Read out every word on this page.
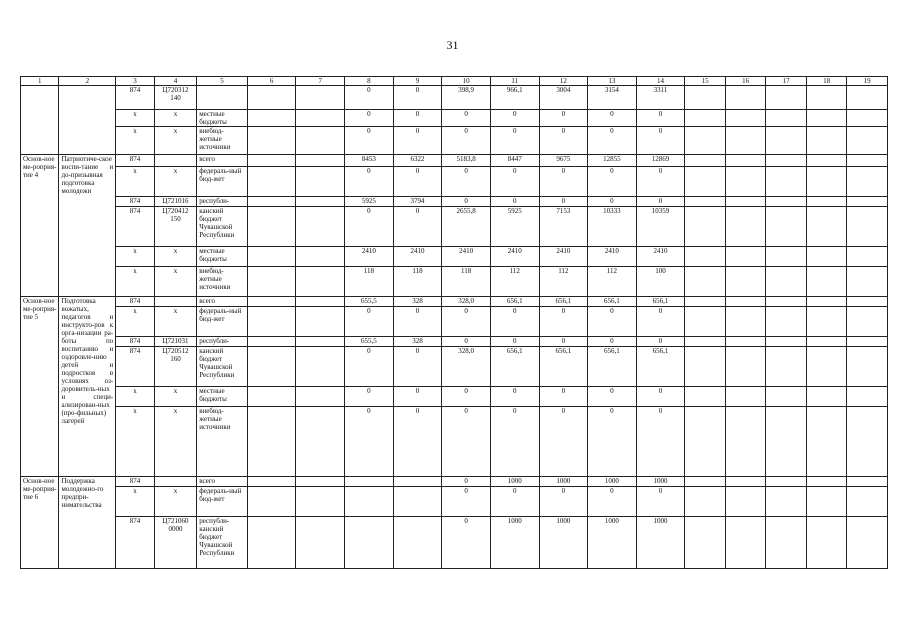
31
1	2	3	4	5	6	7	8	9	10	11	12	13	14	15	16	17	18	19
		874	Ц720312 140				0	0	398,9	966,1	3004	3154	3311					
		x	x	местные бюджеты			0	0	0	0	0	0	0					
		x	x	внебюд-жетные источники			0	0	0	0	0	0	0					
Основ-ное ме-роприя-тие 4	Патриотиче-ское воспи-тание и до-призывная подготовка молодежи	874		всего			8453	6322	5183,8	8447	9675	12855	12869					
		x	x	федераль-ный бюд-жет			0	0	0	0	0	0	0					
		874	Ц721016	республи-			5925	3794	0	0	0	0	0					
		874	Ц720412 150	канский бюджет Чувашской Республики			0	0	2655,8	5925	7153	10333	10359					
		x	x	местные бюджеты			2410	2410	2410	2410	2410	2410	2410					
		x	x	внебюд-жетные источники			118	118	118	112	112	112	100					
Основ-ное ме-роприя-тие 5	Подготовка вожатых, педагогов и инструкто-ров к орга-низации ра-боты по воспитанию и оздоровле-нию детей и подростков в условиях оз-доровитель-ных и специ-ализирован-ных (про-фильных) лагерей	874		всего			655,5	328	328,0	656,1	656,1	656,1	656,1					
		x	x	федераль-ный бюд-жет			0	0	0	0	0	0	0					
		874	Ц721031	республи-			655,5	328	0	0	0	0	0					
		874	Ц720512 160	канский бюджет Чувашской Республики			0	0	328,0	656,1	656,1	656,1	656,1					
		x	x	местные бюджеты			0	0	0	0	0	0	0					
		x	x	внебюд-жетные источники			0	0	0	0	0	0	0					
Основ-ное ме-роприя-тие 6	Поддержка молодежно-го предпри-нимательства	874		всего					0	1000	1000	1000	1000					
		x	x	федераль-ный бюд-жет					0	0	0	0	0					
		874	Ц721060 0000	республи-канский бюджет Чувашской Республики					0	1000	1000	1000	1000					
